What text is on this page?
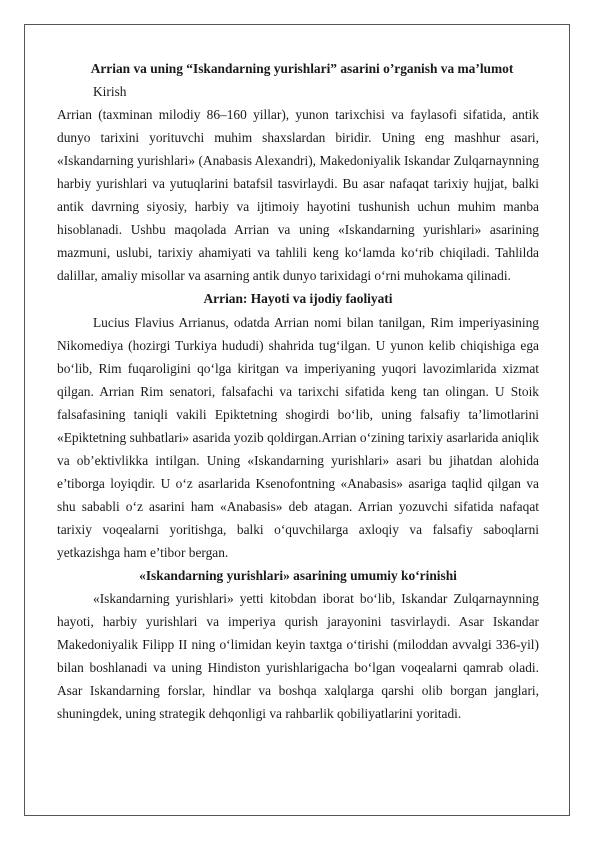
Arrian va uning “Iskandarning yurishlari” asarini o’rganish va ma’lumot

Kirish

Arrian (taxminan milodiy 86–160 yillar), yunon tarixchisi va faylasofi sifatida, antik dunyo tarixini yorituvchi muhim shaxslardan biridir. Uning eng mashhur asari, «Iskandarning yurishlari» (Anabasis Alexandri), Makedoniyalik Iskandar Zulqarnaynning harbiy yurishlari va yutuqlarini batafsil tasvirlaydi. Bu asar nafaqat tarixiy hujjat, balki antik davrning siyosiy, harbiy va ijtimoiy hayotini tushunish uchun muhim manba hisoblanadi. Ushbu maqolada Arrian va uning «Iskandarning yurishlari» asarining mazmuni, uslubi, tarixiy ahamiyati va tahlili keng ko‘lamda ko‘rib chiqiladi. Tahlilda dalillar, amaliy misollar va asarning antik dunyo tarixidagi o‘rni muhokama qilinadi.

Arrian: Hayoti va ijodiy faoliyati

Lucius Flavius Arrianus, odatda Arrian nomi bilan tanilgan, Rim imperiyasining Nikomediya (hozirgi Turkiya hududi) shahrida tug‘ilgan. U yunon kelib chiqishiga ega bo‘lib, Rim fuqaroligini qo‘lga kiritgan va imperiyaning yuqori lavozimlarida xizmat qilgan. Arrian Rim senatori, falsafachi va tarixchi sifatida keng tan olingan. U Stoik falsafasining taniqli vakili Epiktetning shogirdi bo‘lib, uning falsafiy ta’limotlarini «Epiktetning suhbatlari» asarida yozib qoldirgan.Arrian o‘zining tarixiy asarlarida aniqlik va ob’ektivlikka intilgan. Uning «Iskandarning yurishlari» asari bu jihatdan alohida e’tiborga loyiqdir. U o‘z asarlarida Ksenofontning «Anabasis» asariga taqlid qilgan va shu sababli o‘z asarini ham «Anabasis» deb atagan. Arrian yozuvchi sifatida nafaqat tarixiy voqealarni yoritishga, balki o‘quvchilarga axloqiy va falsafiy saboqlarni yetkazishga ham e’tibor bergan.

«Iskandarning yurishlari» asarining umumiy ko‘rinishi

«Iskandarning yurishlari» yetti kitobdan iborat bo‘lib, Iskandar Zulqarnaynning hayoti, harbiy yurishlari va imperiya qurish jarayonini tasvirlaydi. Asar Iskandar Makedoniyalik Filipp II ning o‘limidan keyin taxtga o‘tirishi (miloddan avvalgi 336-yil) bilan boshlanadi va uning Hindiston yurishlarigacha bo‘lgan voqealarni qamrab oladi. Asar Iskandarning forslar, hindlar va boshqa xalqlarga qarshi olib borgan janglari, shuningdek, uning strategik dehqonligi va rahbarlik qobiliyatlarini yoritadi.
